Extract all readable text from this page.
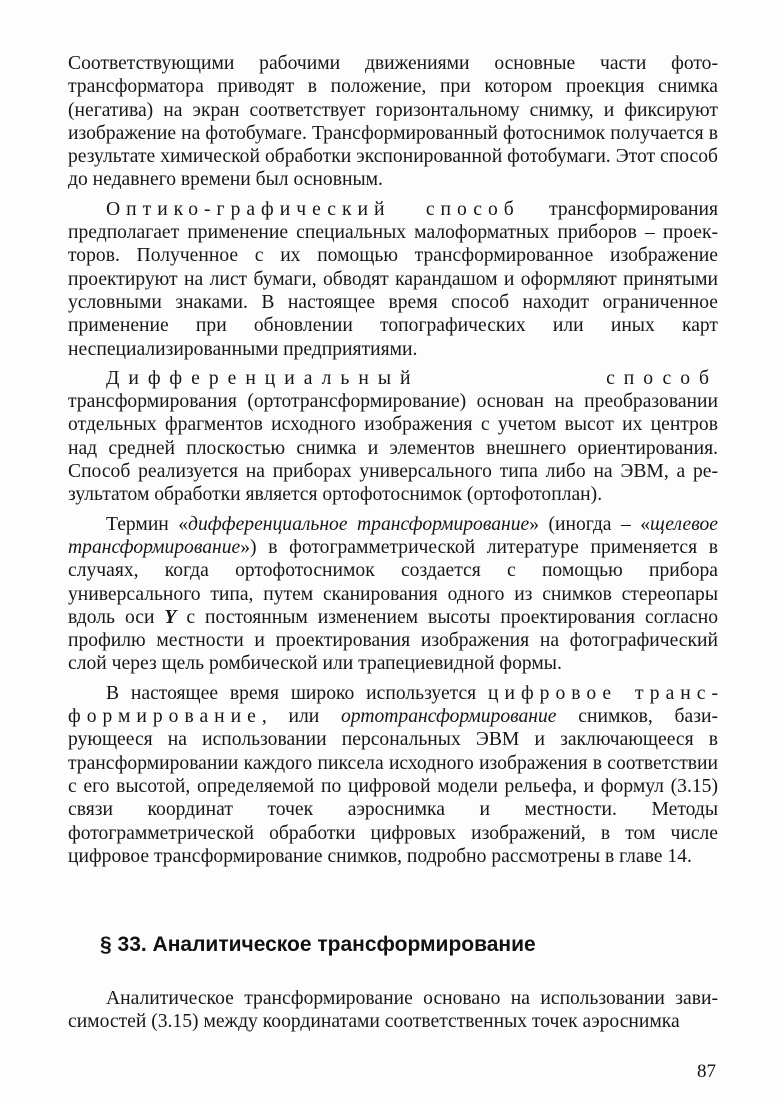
Соответствующими рабочими движениями основные части фототрансформатора приводят в положение, при котором проекция снимка (негатива) на экран соответствует горизонтальному снимку, и фиксируют изображение на фотобумаге. Трансформированный фотоснимок получается в результате химической обработки экспонированной фотобумаги. Этот способ до недавнего времени был основным.

Оптико-графический способ трансформирования предполагает применение специальных малоформатных приборов – проекторов. Полученное с их помощью трансформированное изображение проектируют на лист бумаги, обводят карандашом и оформляют принятыми условными знаками. В настоящее время способ находит ограниченное применение при обновлении топографических или иных карт неспециализированными предприятиями.

Дифференциальный способ трансформирования (ортотрансформирование) основан на преобразовании отдельных фрагментов исходного изображения с учетом высот их центров над средней плоскостью снимка и элементов внешнего ориентирования. Способ реализуется на приборах универсального типа либо на ЭВМ, а результатом обработки является ортофотоснимок (ортофотоплан).

Термин «дифференциальное трансформирование» (иногда – «щелевое трансформирование») в фотограмметрической литературе применяется в случаях, когда ортофотоснимок создается с помощью прибора универсального типа, путем сканирования одного из снимков стереопары вдоль оси Y с постоянным изменением высоты проектирования согласно профилю местности и проектирования изображения на фотографический слой через щель ромбической или трапециевидной формы.

В настоящее время широко используется цифровое трансформирование, или ортотрансформирование снимков, базирующееся на использовании персональных ЭВМ и заключающееся в трансформировании каждого пиксела исходного изображения в соответствии с его высотой, определяемой по цифровой модели рельефа, и формул (3.15) связи координат точек аэроснимка и местности. Методы фотограмметрической обработки цифровых изображений, в том числе цифровое трансформирование снимков, подробно рассмотрены в главе 14.

§ 33. Аналитическое трансформирование

Аналитическое трансформирование основано на использовании зависимостей (3.15) между координатами соответственных точек аэроснимка

87
